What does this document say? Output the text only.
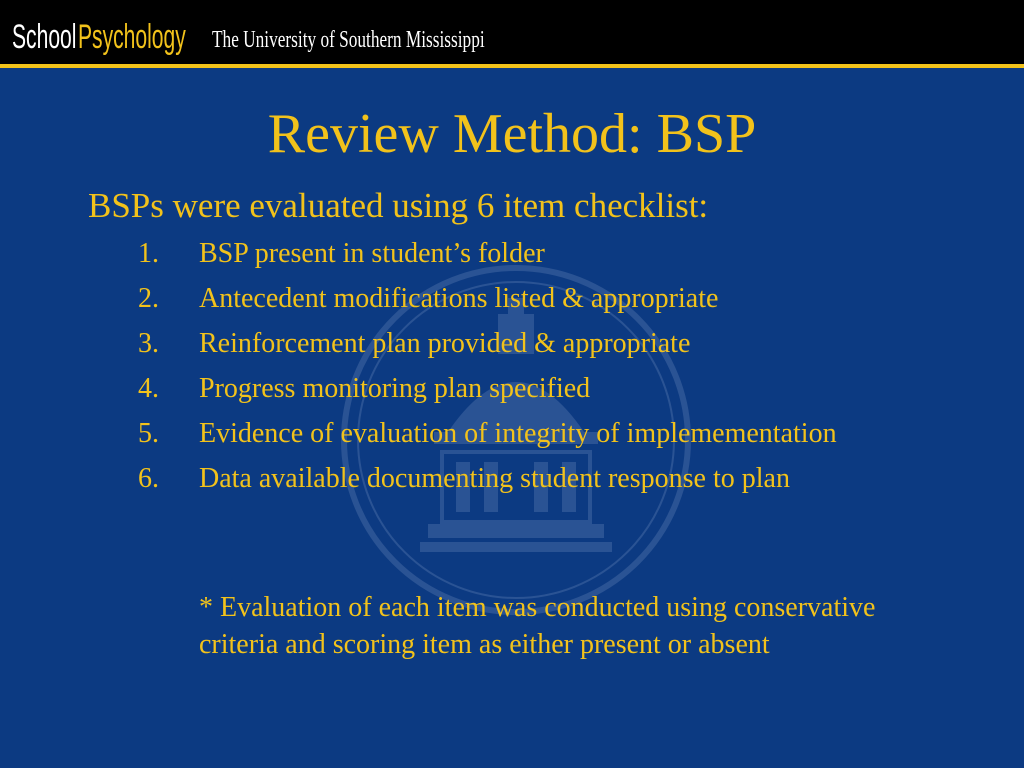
School Psychology The University of Southern Mississippi
Review Method: BSP
BSPs were evaluated using 6 item checklist:
1. BSP present in student’s folder
2. Antecedent modifications listed & appropriate
3. Reinforcement plan provided & appropriate
4. Progress monitoring plan specified
5. Evidence of evaluation of integrity of implemementation
6. Data available documenting student response to plan
* Evaluation of each item was conducted using conservative criteria and scoring item as either present or absent
